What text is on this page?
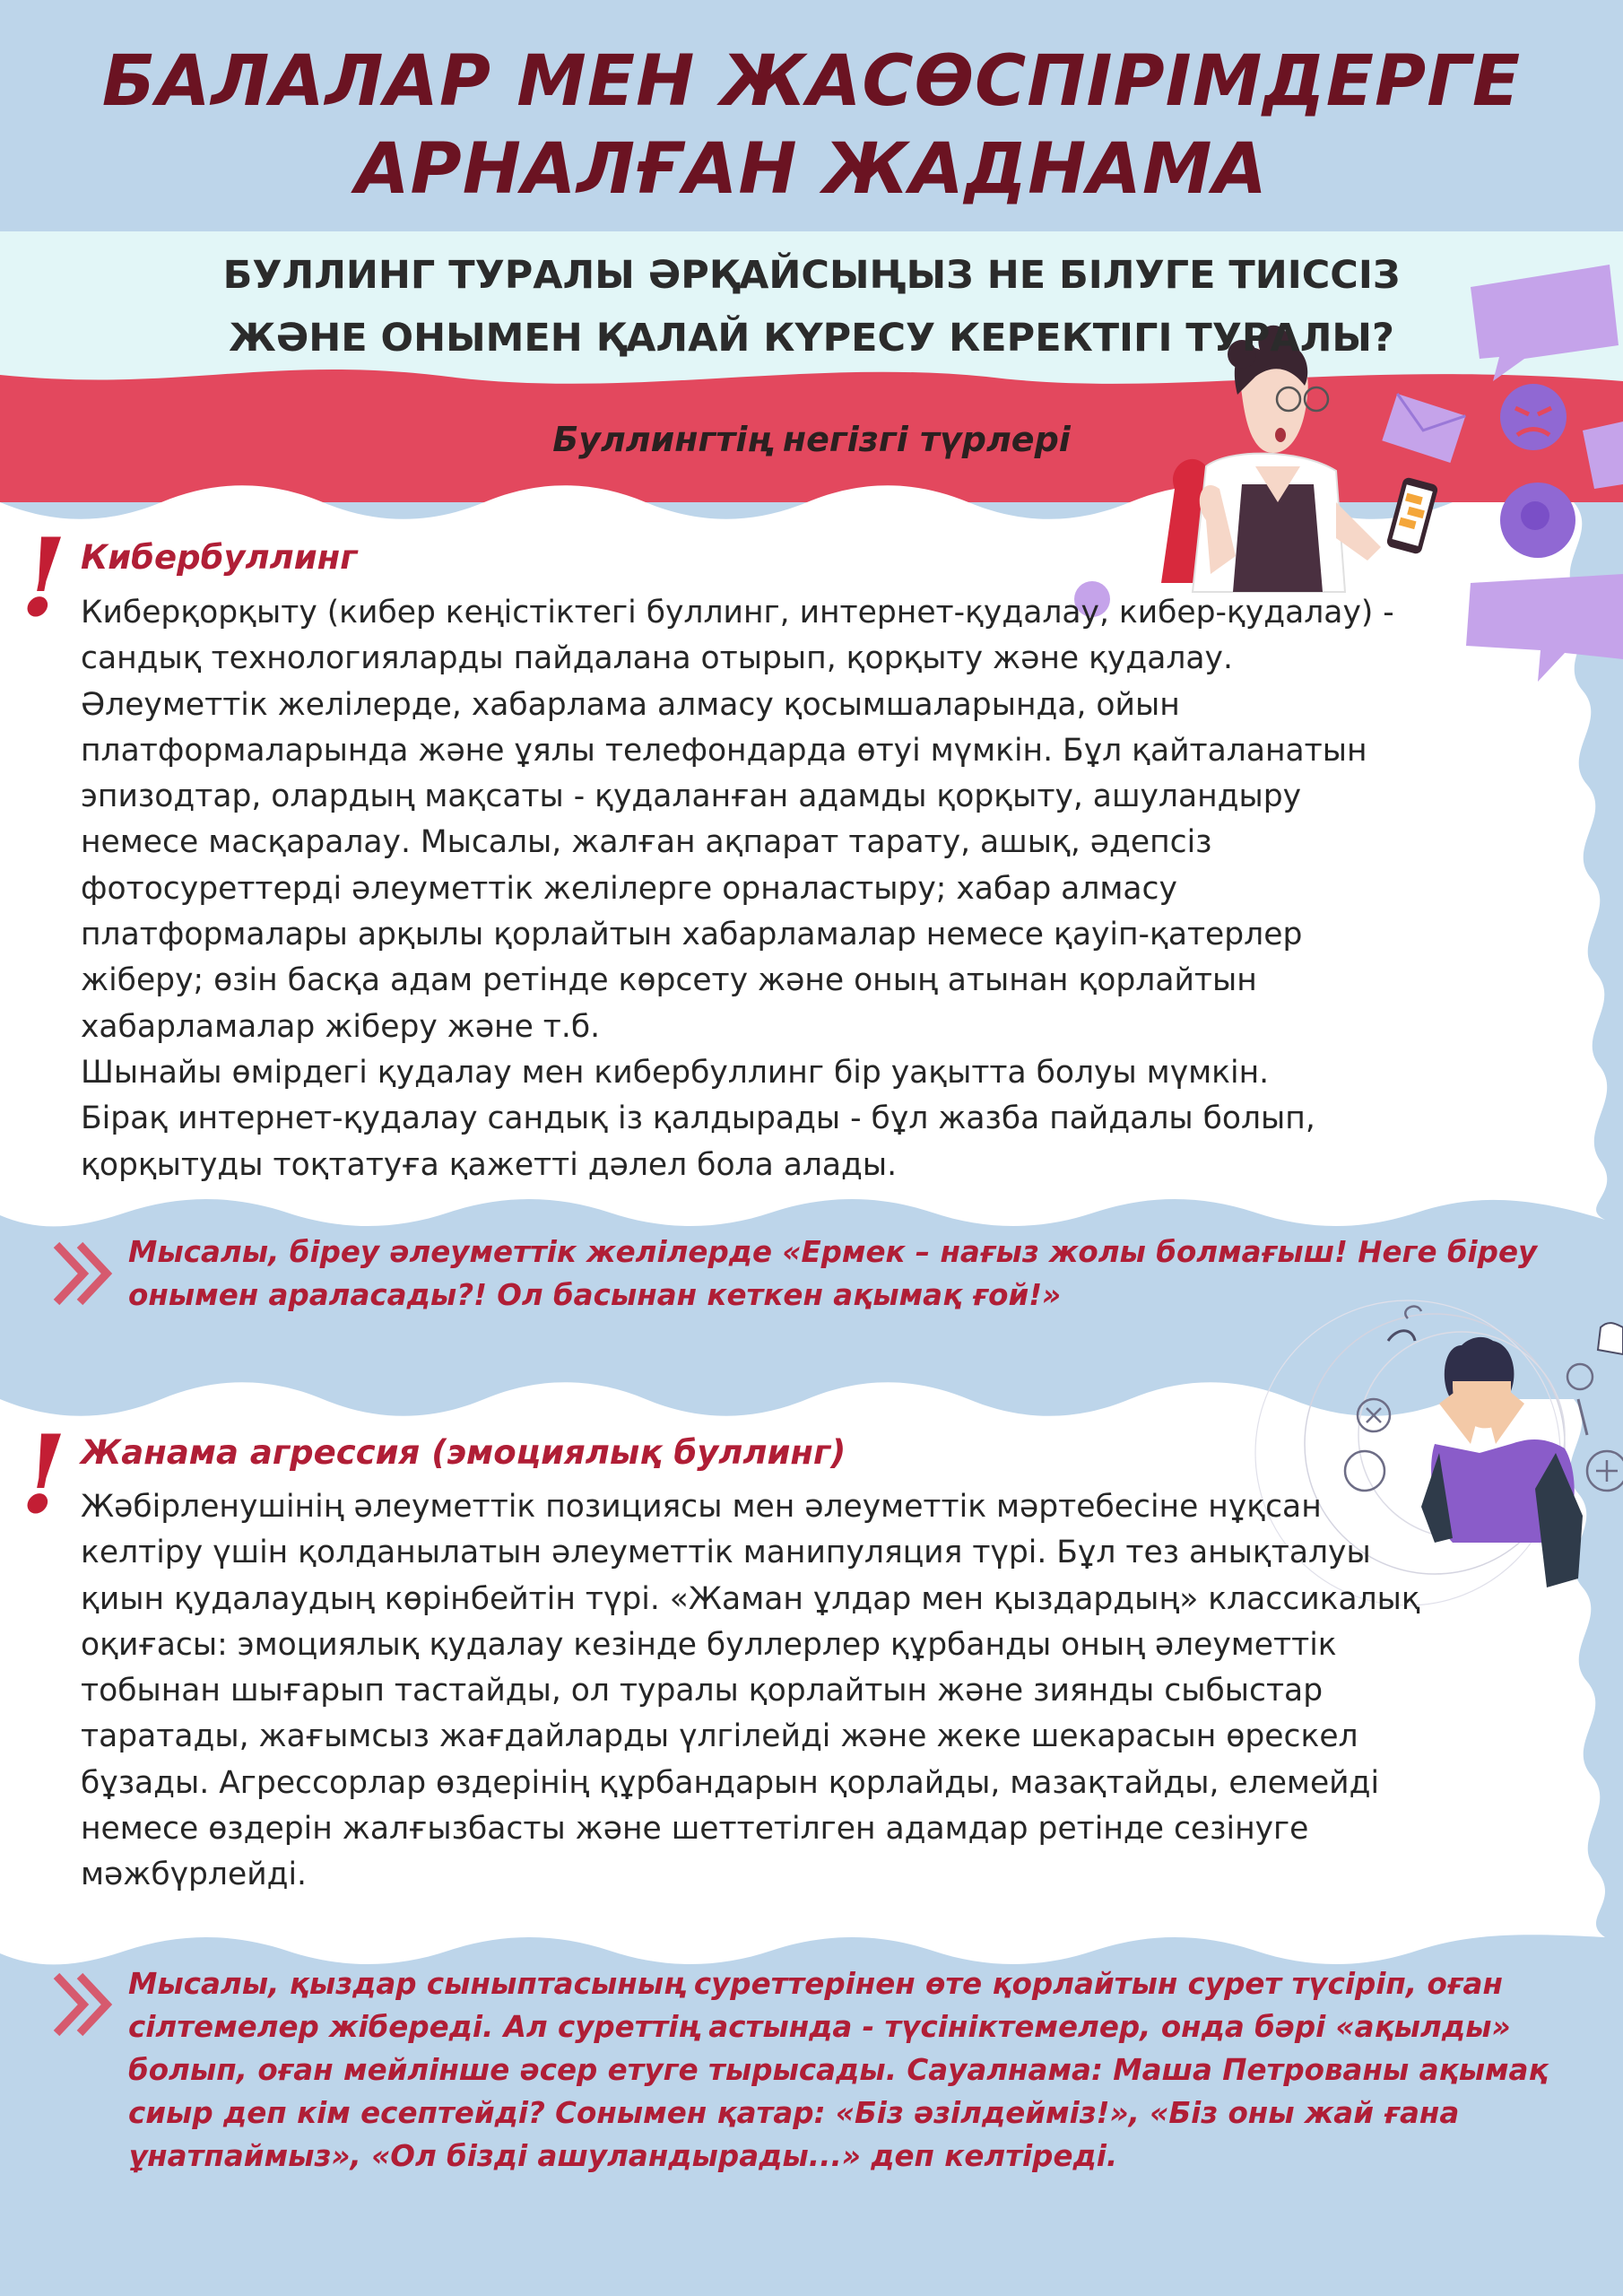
БАЛАЛАР МЕН ЖАСӨСПІРІМДЕРГЕ
АРНАЛҒАН ЖАДНАМА
БУЛЛИНГ ТУРАЛЫ ӘРҚАЙСЫҢЫЗ НЕ БІЛУГЕ ТИІССІЗ
ЖӘНЕ ОНЫМЕН ҚАЛАЙ КҮРЕСУ КЕРЕКТІГІ ТУРАЛЫ?
Буллингтің негізгі түрлері
! Кибербуллинг

Киберқорқыту (кибер кеңістіктегі буллинг, интернет-қудалау, кибер-қудалау) -

сандық технологияларды пайдалана отырып, қорқыту және қудалау.

Әлеуметтік желілерде, хабарлама алмасу қосымшаларында, ойын

платформаларында және ұялы телефондарда өтуі мүмкін. Бұл қайталанатын

эпизодтар, олардың мақсаты - қудаланған адамды қорқыту, ашуландыру

немесе масқаралау. Мысалы, жалған ақпарат тарату, ашық, әдепсіз

фотосуреттерді әлеуметтік желілерге орналастыру; хабар алмасу

платформалары арқылы қорлайтын хабарламалар немесе қауіп-қатерлер

жіберу; өзін басқа адам ретінде көрсету және оның атынан қорлайтын

хабарламалар жіберу және т.б.

Шынайы өмірдегі қудалау мен кибербуллинг бір уақытта болуы мүмкін.

Бірақ интернет-қудалау сандық із қалдырады - бұл жазба пайдалы болып,

қорқытуды тоқтатуға қажетті дәлел бола алады.

Мысалы, біреу әлеуметтік желілерде «Ермек – нағыз жолы болмағыш! Неге біреу

онымен араласады?! Ол басынан кеткен ақымақ ғой!»

! Жанама агрессия (эмоциялық буллинг)

Жәбірленушінің әлеуметтік позициясы мен әлеуметтік мәртебесіне нұқсан

келтіру үшін қолданылатын әлеуметтік манипуляция түрі. Бұл тез анықталуы

қиын қудалаудың көрінбейтін түрі. «Жаман ұлдар мен қыздардың» классикалық

оқиғасы: эмоциялық қудалау кезінде буллерлер құрбанды оның әлеуметтік

тобынан шығарып тастайды, ол туралы қорлайтын және зиянды сыбыстар

таратады, жағымсыз жағдайларды үлгілейді және жеке шекарасын өрескел

бұзады. Агрессорлар өздерінің құрбандарын қорлайды, мазақтайды, елемейді

немесе өздерін жалғызбасты және шеттетілген адамдар ретінде сезінуге

мәжбүрлейді.

Мысалы, қыздар сыныптасының суреттерінен өте қорлайтын сурет түсіріп, оған

сілтемелер жібереді. Ал суреттің астында - түсініктемелер, онда бәрі «ақылды»

болып, оған мейлінше әсер етуге тырысады. Сауалнама: Маша Петрованы ақымақ

сиыр деп кім есептейді? Сонымен қатар: «Біз әзілдейміз!», «Біз оны жай ғана

ұнатпаймыз», «Ол бізді ашуландырады...» деп келтіреді.
